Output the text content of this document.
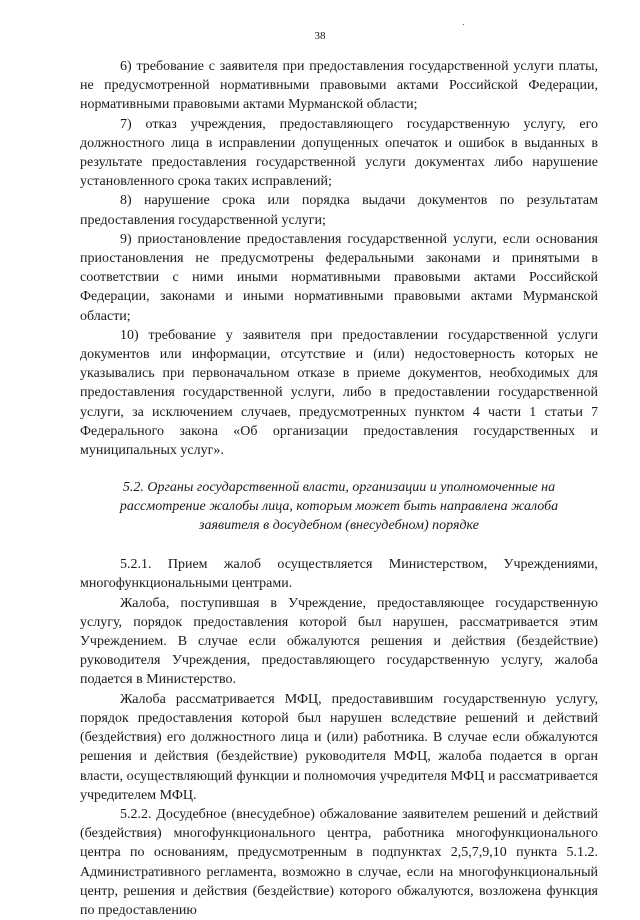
38

6) требование с заявителя при предоставления государственной услуги платы, не предусмотренной нормативными правовыми актами Российской Федерации, нормативными правовыми актами Мурманской области;

7) отказ учреждения, предоставляющего государственную услугу, его должностного лица в исправлении допущенных опечаток и ошибок в выданных в результате предоставления государственной услуги документах либо нарушение установленного срока таких исправлений;

8) нарушение срока или порядка выдачи документов по результатам предоставления государственной услуги;

9) приостановление предоставления государственной услуги, если основания приостановления не предусмотрены федеральными законами и принятыми в соответствии с ними иными нормативными правовыми актами Российской Федерации, законами и иными нормативными правовыми актами Мурманской области;

10) требование у заявителя при предоставлении государственной услуги документов или информации, отсутствие и (или) недостоверность которых не указывались при первоначальном отказе в приеме документов, необходимых для предоставления государственной услуги, либо в предоставлении государственной услуги, за исключением случаев, предусмотренных пунктом 4 части 1 статьи 7 Федерального закона «Об организации предоставления государственных и муниципальных услуг».

5.2. Органы государственной власти, организации и уполномоченные на рассмотрение жалобы лица, которым может быть направлена жалоба заявителя в досудебном (внесудебном) порядке

5.2.1. Прием жалоб осуществляется Министерством, Учреждениями, многофункциональными центрами.

Жалоба, поступившая в Учреждение, предоставляющее государственную услугу, порядок предоставления которой был нарушен, рассматривается этим Учреждением. В случае если обжалуются решения и действия (бездействие) руководителя Учреждения, предоставляющего государственную услугу, жалоба подается в Министерство.

Жалоба рассматривается МФЦ, предоставившим государственную услугу, порядок предоставления которой был нарушен вследствие решений и действий (бездействия) его должностного лица и (или) работника. В случае если обжалуются решения и действия (бездействие) руководителя МФЦ, жалоба подается в орган власти, осуществляющий функции и полномочия учредителя МФЦ и рассматривается учредителем МФЦ.

5.2.2. Досудебное (внесудебное) обжалование заявителем решений и действий (бездействия) многофункционального центра, работника многофункционального центра по основаниям, предусмотренным в подпунктах 2,5,7,9,10 пункта 5.1.2. Административного регламента, возможно в случае, если на многофункциональный центр, решения и действия (бездействие) которого обжалуются, возложена функция по предоставлению
